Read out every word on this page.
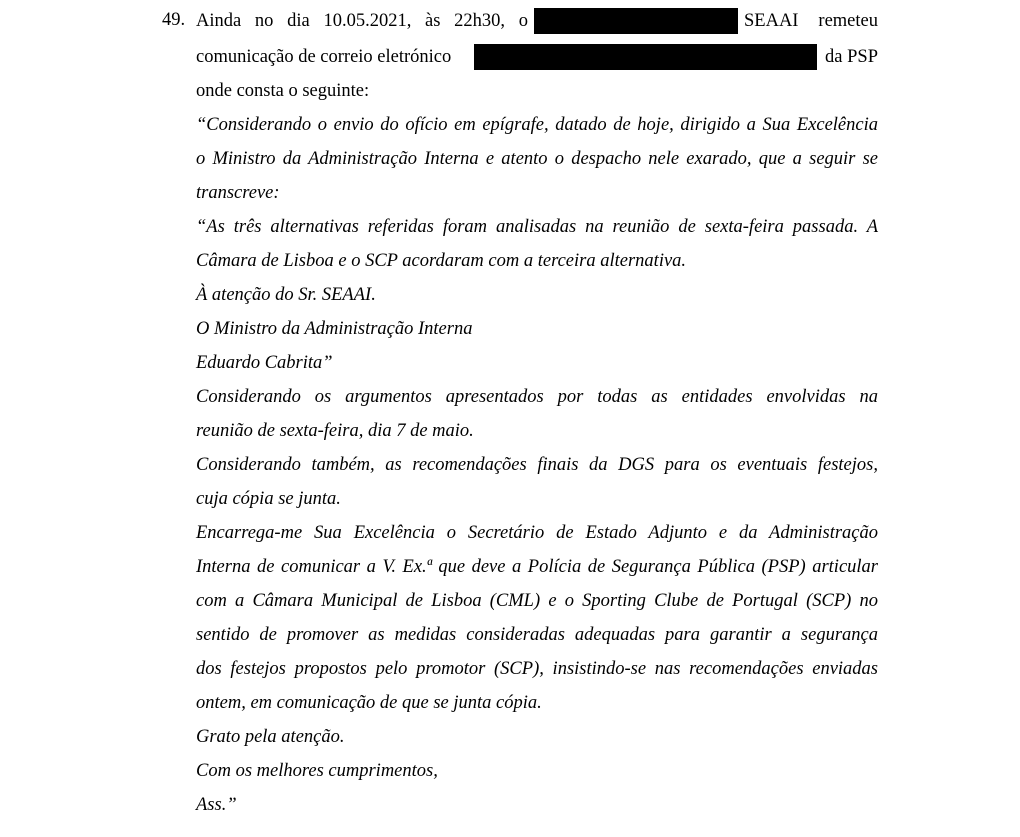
49. Ainda no dia 10.05.2021, às 22h30, o	SEAAI remeteu
comunicação de correio eletrónico	da PSP
onde consta o seguinte:
“Considerando o envio do ofício em epígrafe, datado de hoje, dirigido a Sua Excelência
o Ministro da Administração Interna e atento o despacho nele exarado, que a seguir se
transcreve:
“As três alternativas referidas foram analisadas na reunião de sexta-feira passada. A
Câmara de Lisboa e o SCP acordaram com a terceira alternativa.
À atenção do Sr. SEAAI.
O Ministro da Administração Interna
Eduardo Cabrita”
Considerando os argumentos apresentados por todas as entidades envolvidas na
reunião de sexta-feira, dia 7 de maio.
Considerando também, as recomendações finais da DGS para os eventuais festejos,
cuja cópia se junta.
Encarrega-me Sua Excelência o Secretário de Estado Adjunto e da Administração
Interna de comunicar a V. Ex.ª que deve a Polícia de Segurança Pública (PSP) articular
com a Câmara Municipal de Lisboa (CML) e o Sporting Clube de Portugal (SCP) no
sentido de promover as medidas consideradas adequadas para garantir a segurança
dos festejos propostos pelo promotor (SCP), insistindo-se nas recomendações enviadas
ontem, em comunicação de que se junta cópia.
Grato pela atenção.
Com os melhores cumprimentos,
Ass.”
